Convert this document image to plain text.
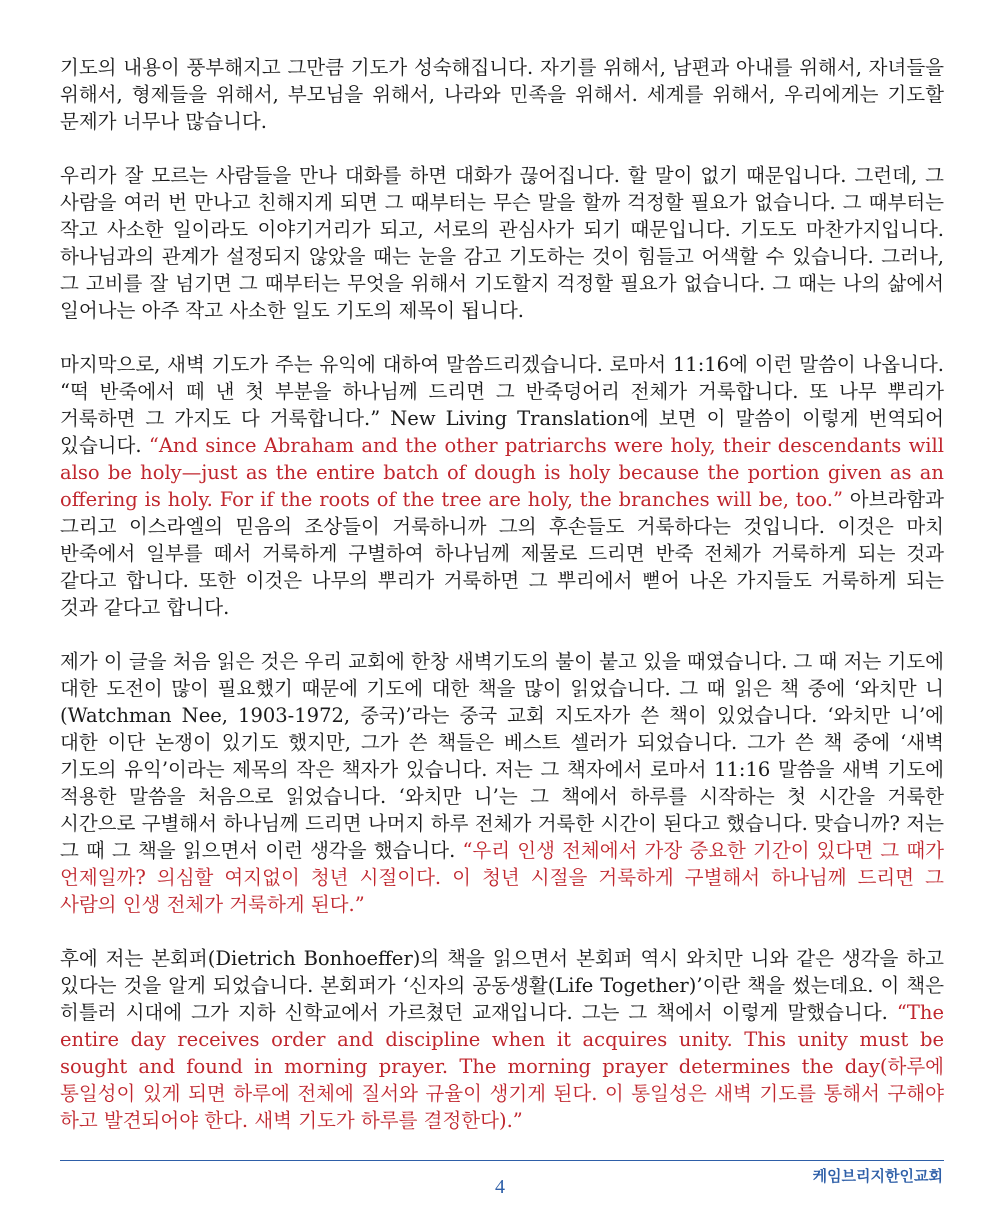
기도의 내용이 풍부해지고 그만큼 기도가 성숙해집니다. 자기를 위해서, 남편과 아내를 위해서, 자녀들을 위해서, 형제들을 위해서, 부모님을 위해서, 나라와 민족을 위해서. 세계를 위해서, 우리에게는 기도할 문제가 너무나 많습니다.

우리가 잘 모르는 사람들을 만나 대화를 하면 대화가 끊어집니다. 할 말이 없기 때문입니다. 그런데, 그 사람을 여러 번 만나고 친해지게 되면 그 때부터는 무슨 말을 할까 걱정할 필요가 없습니다. 그 때부터는 작고 사소한 일이라도 이야기거리가 되고, 서로의 관심사가 되기 때문입니다. 기도도 마찬가지입니다. 하나님과의 관계가 설정되지 않았을 때는 눈을 감고 기도하는 것이 힘들고 어색할 수 있습니다. 그러나, 그 고비를 잘 넘기면 그 때부터는 무엇을 위해서 기도할지 걱정할 필요가 없습니다. 그 때는 나의 삶에서 일어나는 아주 작고 사소한 일도 기도의 제목이 됩니다.

마지막으로, 새벽 기도가 주는 유익에 대하여 말씀드리겠습니다. 로마서 11:16에 이런 말씀이 나옵니다. “떡 반죽에서 떼 낸 첫 부분을 하나님께 드리면 그 반죽덩어리 전체가 거룩합니다. 또 나무 뿌리가 거룩하면 그 가지도 다 거룩합니다.” New Living Translation에 보면 이 말씀이 이렇게 번역되어 있습니다. “And since Abraham and the other patriarchs were holy, their descendants will also be holy—just as the entire batch of dough is holy because the portion given as an offering is holy. For if the roots of the tree are holy, the branches will be, too.” 아브라함과 그리고 이스라엘의 믿음의 조상들이 거룩하니까 그의 후손들도 거룩하다는 것입니다. 이것은 마치 반죽에서 일부를 떼서 거룩하게 구별하여 하나님께 제물로 드리면 반죽 전체가 거룩하게 되는 것과 같다고 합니다. 또한 이것은 나무의 뿌리가 거룩하면 그 뿌리에서 뻗어 나온 가지들도 거룩하게 되는 것과 같다고 합니다.

제가 이 글을 처음 읽은 것은 우리 교회에 한창 새벽기도의 불이 붙고 있을 때였습니다. 그 때 저는 기도에 대한 도전이 많이 필요했기 때문에 기도에 대한 책을 많이 읽었습니다. 그 때 읽은 책 중에 ‘와치만 니(Watchman Nee, 1903-1972, 중국)’라는 중국 교회 지도자가 쓴 책이 있었습니다. ‘와치만 니’에 대한 이단 논쟁이 있기도 했지만, 그가 쓴 책들은 베스트 셀러가 되었습니다. 그가 쓴 책 중에 ‘새벽 기도의 유익’이라는 제목의 작은 책자가 있습니다. 저는 그 책자에서 로마서 11:16 말씀을 새벽 기도에 적용한 말씀을 처음으로 읽었습니다. ‘와치만 니’는 그 책에서 하루를 시작하는 첫 시간을 거룩한 시간으로 구별해서 하나님께 드리면 나머지 하루 전체가 거룩한 시간이 된다고 했습니다. 맞습니까? 저는 그 때 그 책을 읽으면서 이런 생각을 했습니다. “우리 인생 전체에서 가장 중요한 기간이 있다면 그 때가 언제일까? 의심할 여지없이 청년 시절이다. 이 청년 시절을 거룩하게 구별해서 하나님께 드리면 그 사람의 인생 전체가 거룩하게 된다.”

후에 저는 본회퍼(Dietrich Bonhoeffer)의 책을 읽으면서 본회퍼 역시 와치만 니와 같은 생각을 하고 있다는 것을 알게 되었습니다. 본회퍼가 ‘신자의 공동생활(Life Together)’이란 책을 썼는데요. 이 책은 히틀러 시대에 그가 지하 신학교에서 가르쳤던 교재입니다. 그는 그 책에서 이렇게 말했습니다. “The entire day receives order and discipline when it acquires unity. This unity must be sought and found in morning prayer. The morning prayer determines the day(하루에 통일성이 있게 되면 하루에 전체에 질서와 규율이 생기게 된다. 이 통일성은 새벽 기도를 통해서 구해야 하고 발견되어야 한다. 새벽 기도가 하루를 결정한다).”

4	케임브리지한인교회
